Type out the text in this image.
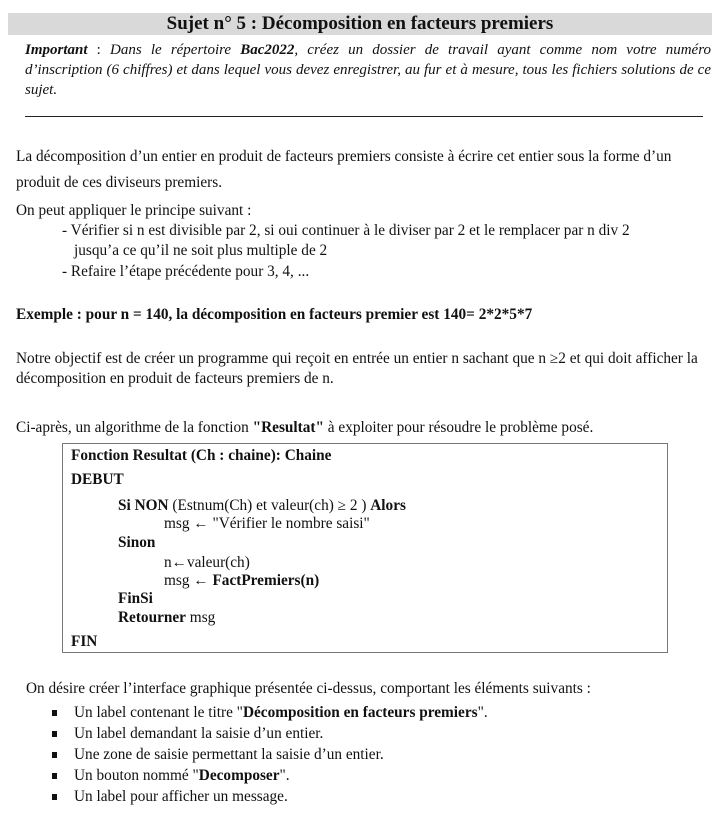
Sujet n° 5 : Décomposition en facteurs premiers
Important : Dans le répertoire Bac2022, créez un dossier de travail ayant comme nom votre numéro d’inscription (6 chiffres) et dans lequel vous devez enregistrer, au fur et à mesure, tous les fichiers solutions de ce sujet.
La décomposition d’un entier en produit de facteurs premiers consiste à écrire cet entier sous la forme d’un
produit de ces diviseurs premiers.
On peut appliquer le principe suivant :
- Vérifier si n est divisible par 2, si oui continuer à le diviser par 2 et le remplacer par n div 2
jusqu’a ce qu’il ne soit plus multiple de 2
- Refaire l’étape précédente pour 3, 4, ...
Exemple : pour n = 140, la décomposition en facteurs premier est 140= 2*2*5*7
Notre objectif est de créer un programme qui reçoit en entrée un entier n sachant que n ≥2 et qui doit afficher la
décomposition en produit de facteurs premiers de n.
Ci-après, un algorithme de la fonction "Resultat" à exploiter pour résoudre le problème posé.
Fonction Resultat (Ch : chaine): Chaine
DEBUT
Si NON (Estnum(Ch) et valeur(ch) ≥ 2 ) Alors
msg ← "Vérifier le nombre saisi"
Sinon
n←valeur(ch)
msg ← FactPremiers(n)
FinSi
Retourner msg
FIN
On désire créer l’interface graphique présentée ci-dessus, comportant les éléments suivants :
Un label contenant le titre "Décomposition en facteurs premiers".
Un label demandant la saisie d’un entier.
Une zone de saisie permettant la saisie d’un entier.
Un bouton nommé "Decomposer".
Un label pour afficher un message.
